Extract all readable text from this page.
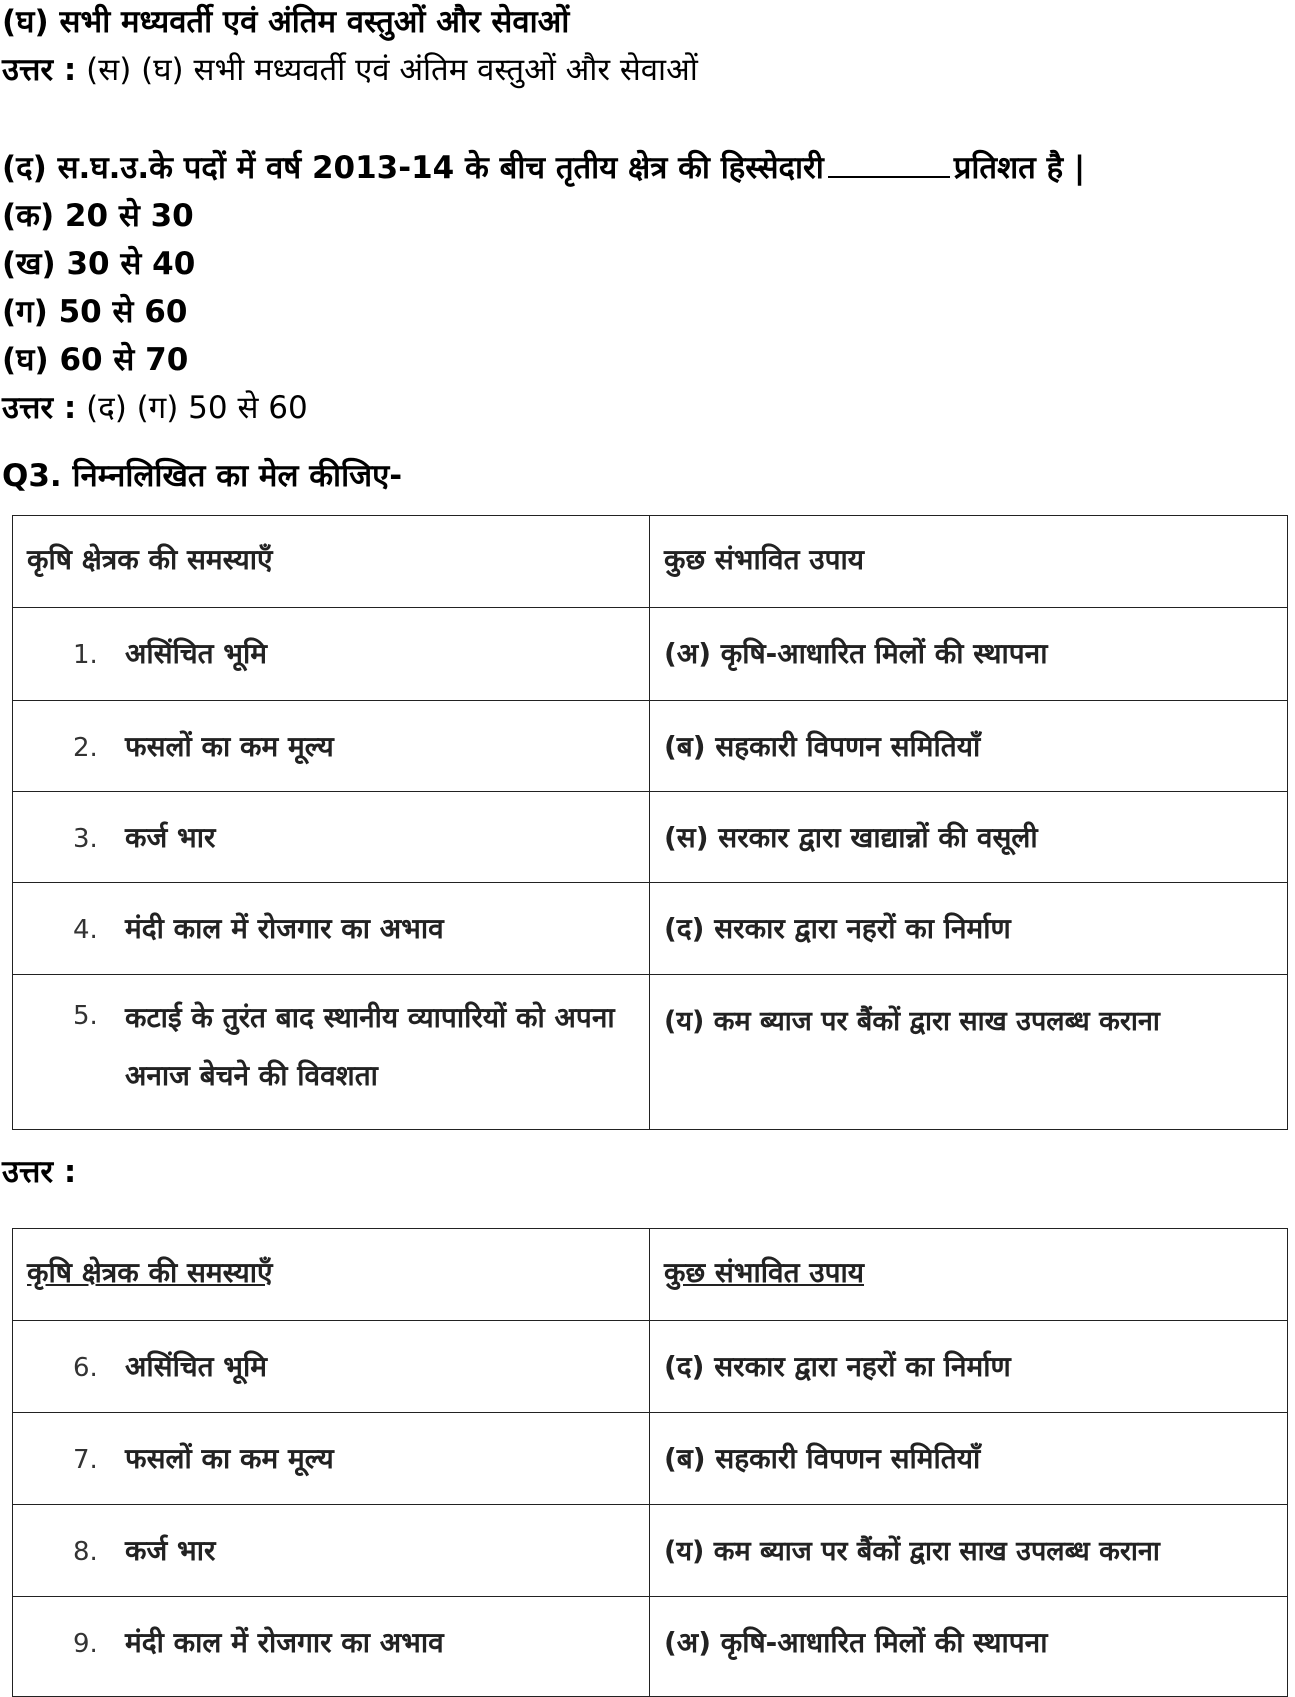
(घ) सभी मध्यवर्ती एवं अंतिम वस्तुओं और सेवाओं
उत्तर : (स) (घ) सभी मध्यवर्ती एवं अंतिम वस्तुओं और सेवाओं
(द) स.घ.उ.के पदों में वर्ष 2013-14 के बीच तृतीय क्षेत्र की हिस्सेदारी	प्रतिशत है |
(क) 20 से 30
(ख) 30 से 40
(ग) 50 से 60
(घ) 60 से 70
उत्तर : (द) (ग) 50 से 60
Q3. निम्नलिखित का मेल कीजिए-
कृषि क्षेत्रक की समस्याएँ	कुछ संभावित उपाय

1. असिंचित भूमि	(अ) कृषि-आधारित मिलों की स्थापना

2. फसलों का कम मूल्य	(ब) सहकारी विपणन समितियाँ

3. कर्ज भार	(स) सरकार द्वारा खाद्यान्नों की वसूली

4. मंदी काल में रोजगार का अभाव	(द) सरकार द्वारा नहरों का निर्माण

5. कटाई के तुरंत बाद स्थानीय व्यापारियों को अपना अनाज बेचने की विवशता	(य) कम ब्याज पर बैंकों द्वारा साख उपलब्ध कराना
उत्तर :
कृषि क्षेत्रक की समस्याएँ	कुछ संभावित उपाय

6. असिंचित भूमि	(द) सरकार द्वारा नहरों का निर्माण

7. फसलों का कम मूल्य	(ब) सहकारी विपणन समितियाँ

8. कर्ज भार	(य) कम ब्याज पर बैंकों द्वारा साख उपलब्ध कराना

9. मंदी काल में रोजगार का अभाव	(अ) कृषि-आधारित मिलों की स्थापना
